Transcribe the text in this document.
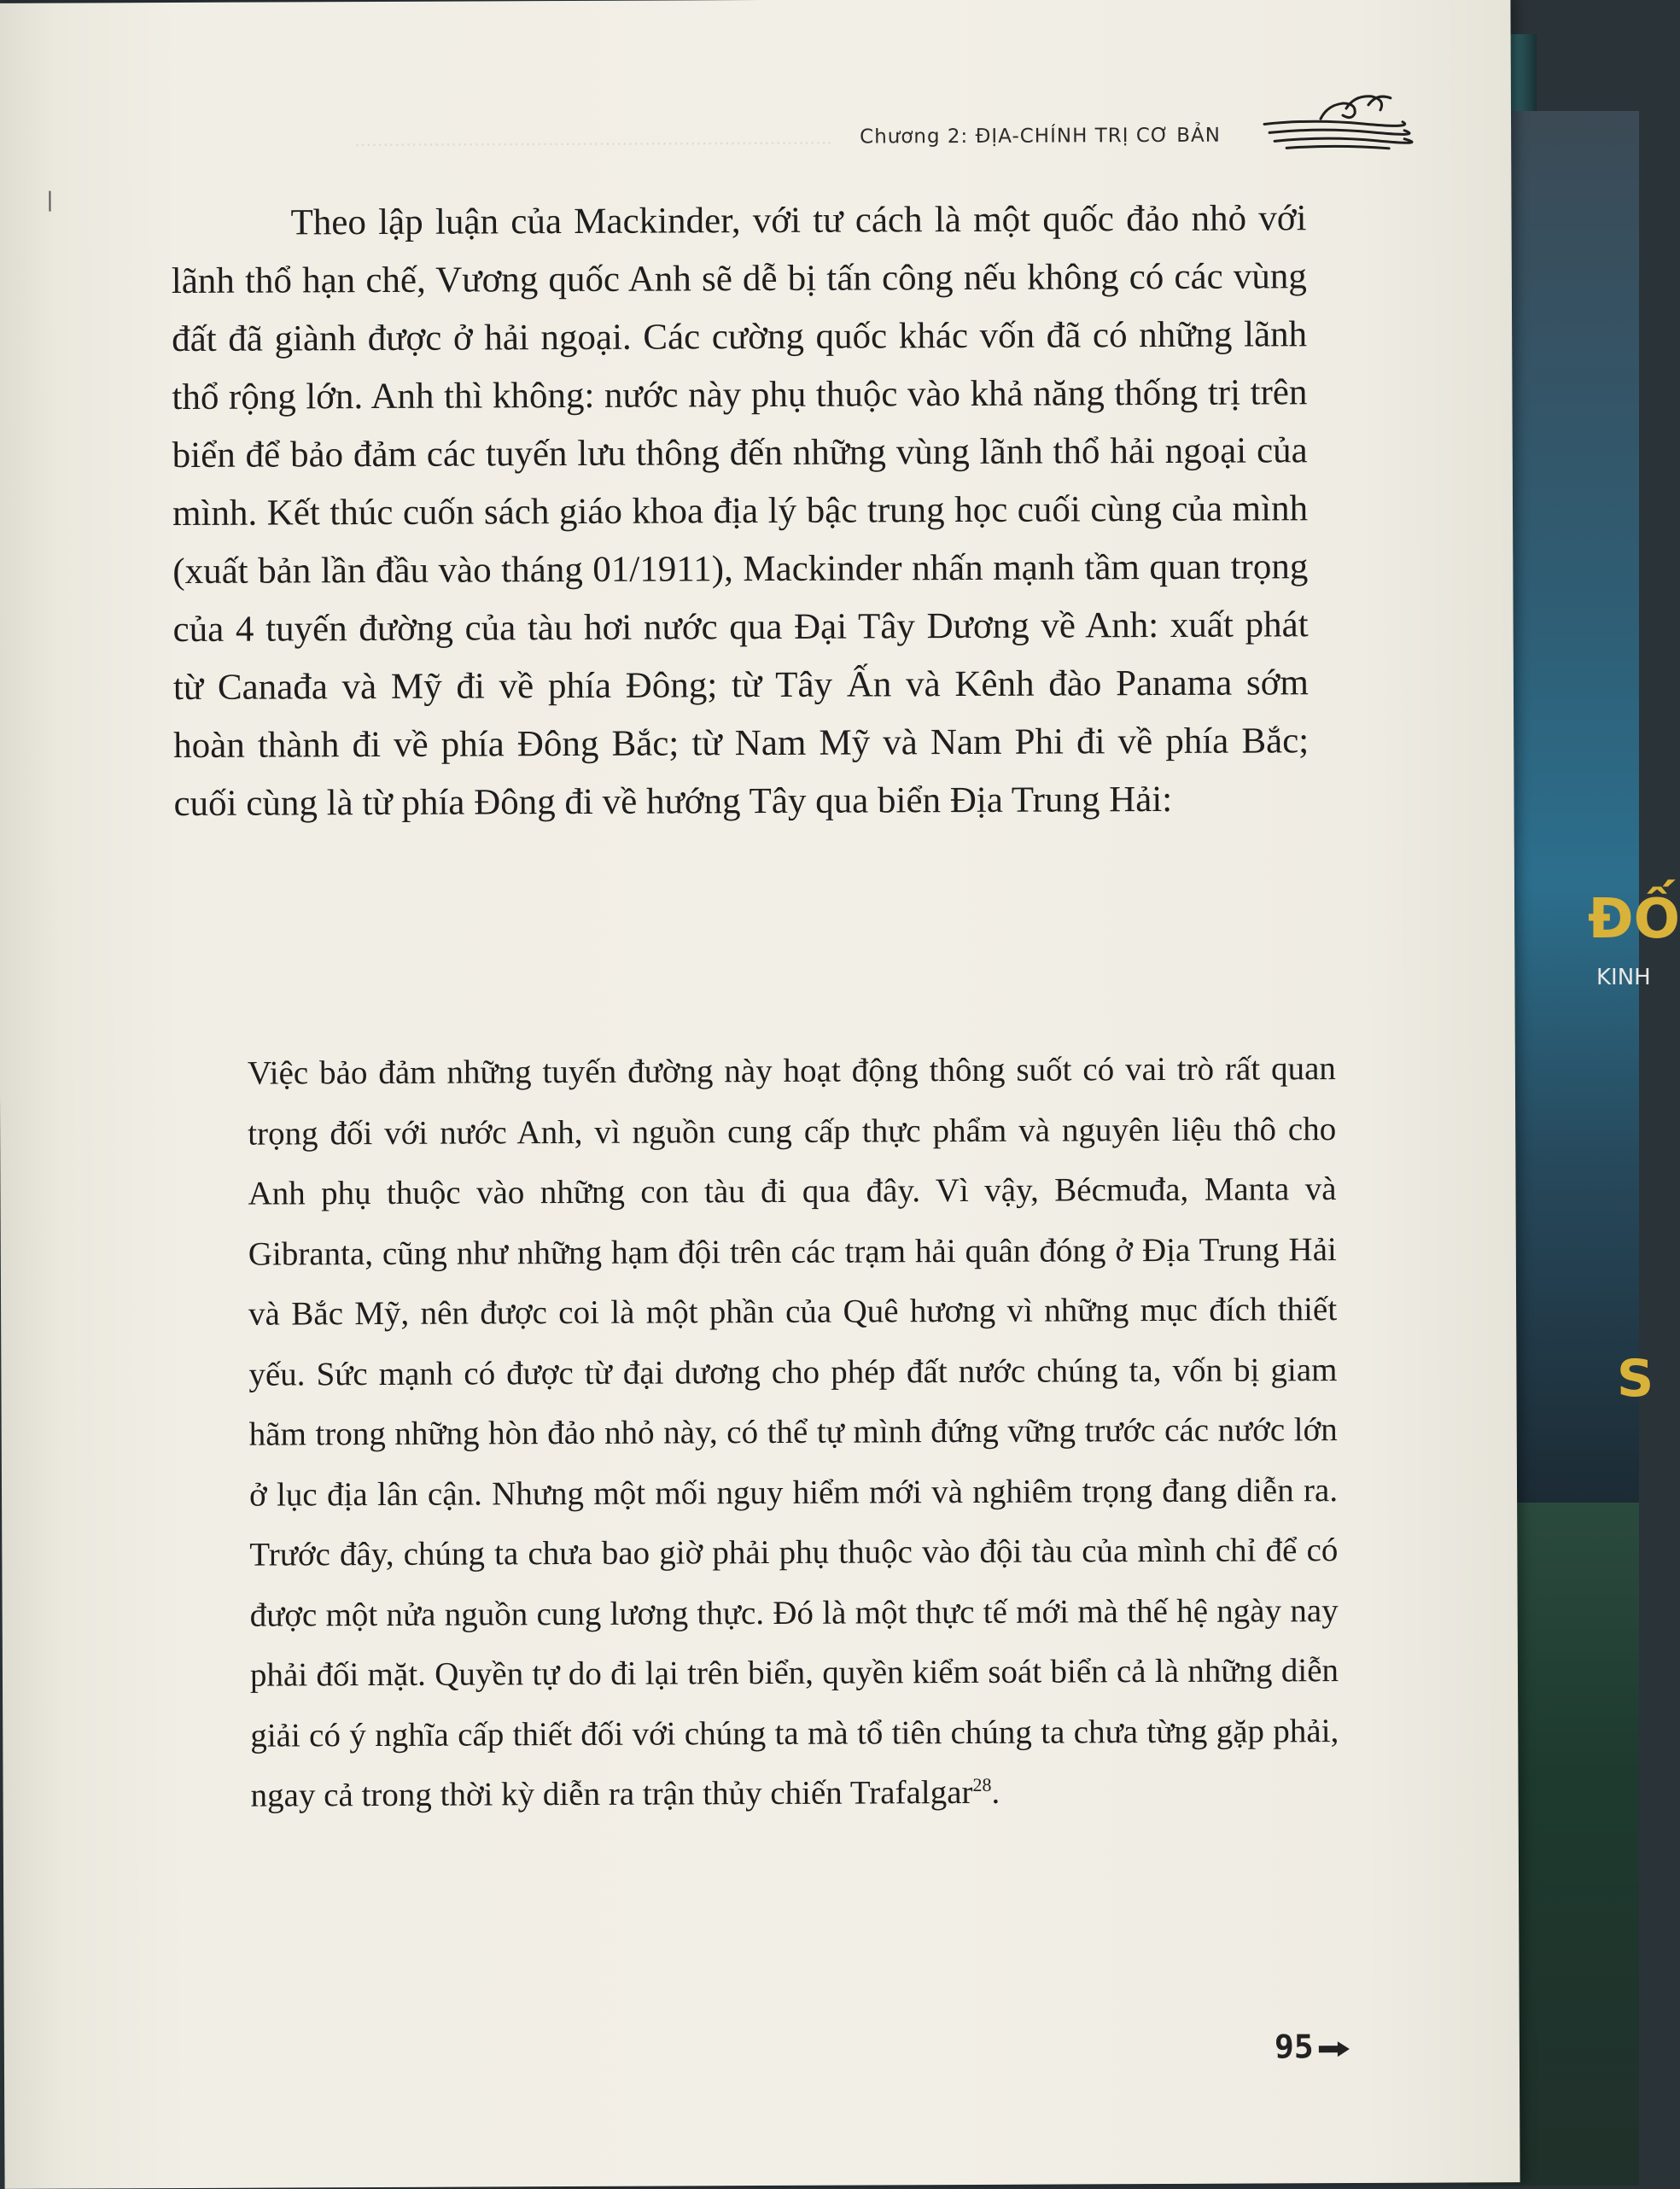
ĐỐ
KINH
S
………………………………………………………………………… Chương 2: ĐỊA-CHÍNH TRỊ CƠ BẢN

Theo lập luận của Mackinder, với tư cách là một quốc đảo nhỏ với lãnh thổ hạn chế, Vương quốc Anh sẽ dễ bị tấn công nếu không có các vùng đất đã giành được ở hải ngoại. Các cường quốc khác vốn đã có những lãnh thổ rộng lớn. Anh thì không: nước này phụ thuộc vào khả năng thống trị trên biển để bảo đảm các tuyến lưu thông đến những vùng lãnh thổ hải ngoại của mình. Kết thúc cuốn sách giáo khoa địa lý bậc trung học cuối cùng của mình (xuất bản lần đầu vào tháng 01/1911), Mackinder nhấn mạnh tầm quan trọng của 4 tuyến đường của tàu hơi nước qua Đại Tây Dương về Anh: xuất phát từ Canađa và Mỹ đi về phía Đông; từ Tây Ấn và Kênh đào Panama sớm hoàn thành đi về phía Đông Bắc; từ Nam Mỹ và Nam Phi đi về phía Bắc; cuối cùng là từ phía Đông đi về hướng Tây qua biển Địa Trung Hải:

Việc bảo đảm những tuyến đường này hoạt động thông suốt có vai trò rất quan trọng đối với nước Anh, vì nguồn cung cấp thực phẩm và nguyên liệu thô cho Anh phụ thuộc vào những con tàu đi qua đây. Vì vậy, Bécmuđa, Manta và Gibranta, cũng như những hạm đội trên các trạm hải quân đóng ở Địa Trung Hải và Bắc Mỹ, nên được coi là một phần của Quê hương vì những mục đích thiết yếu. Sức mạnh có được từ đại dương cho phép đất nước chúng ta, vốn bị giam hãm trong những hòn đảo nhỏ này, có thể tự mình đứng vững trước các nước lớn ở lục địa lân cận. Nhưng một mối nguy hiểm mới và nghiêm trọng đang diễn ra. Trước đây, chúng ta chưa bao giờ phải phụ thuộc vào đội tàu của mình chỉ để có được một nửa nguồn cung lương thực. Đó là một thực tế mới mà thế hệ ngày nay phải đối mặt. Quyền tự do đi lại trên biển, quyền kiểm soát biển cả là những diễn giải có ý nghĩa cấp thiết đối với chúng ta mà tổ tiên chúng ta chưa từng gặp phải, ngay cả trong thời kỳ diễn ra trận thủy chiến Trafalgar$^{28}$.

95
